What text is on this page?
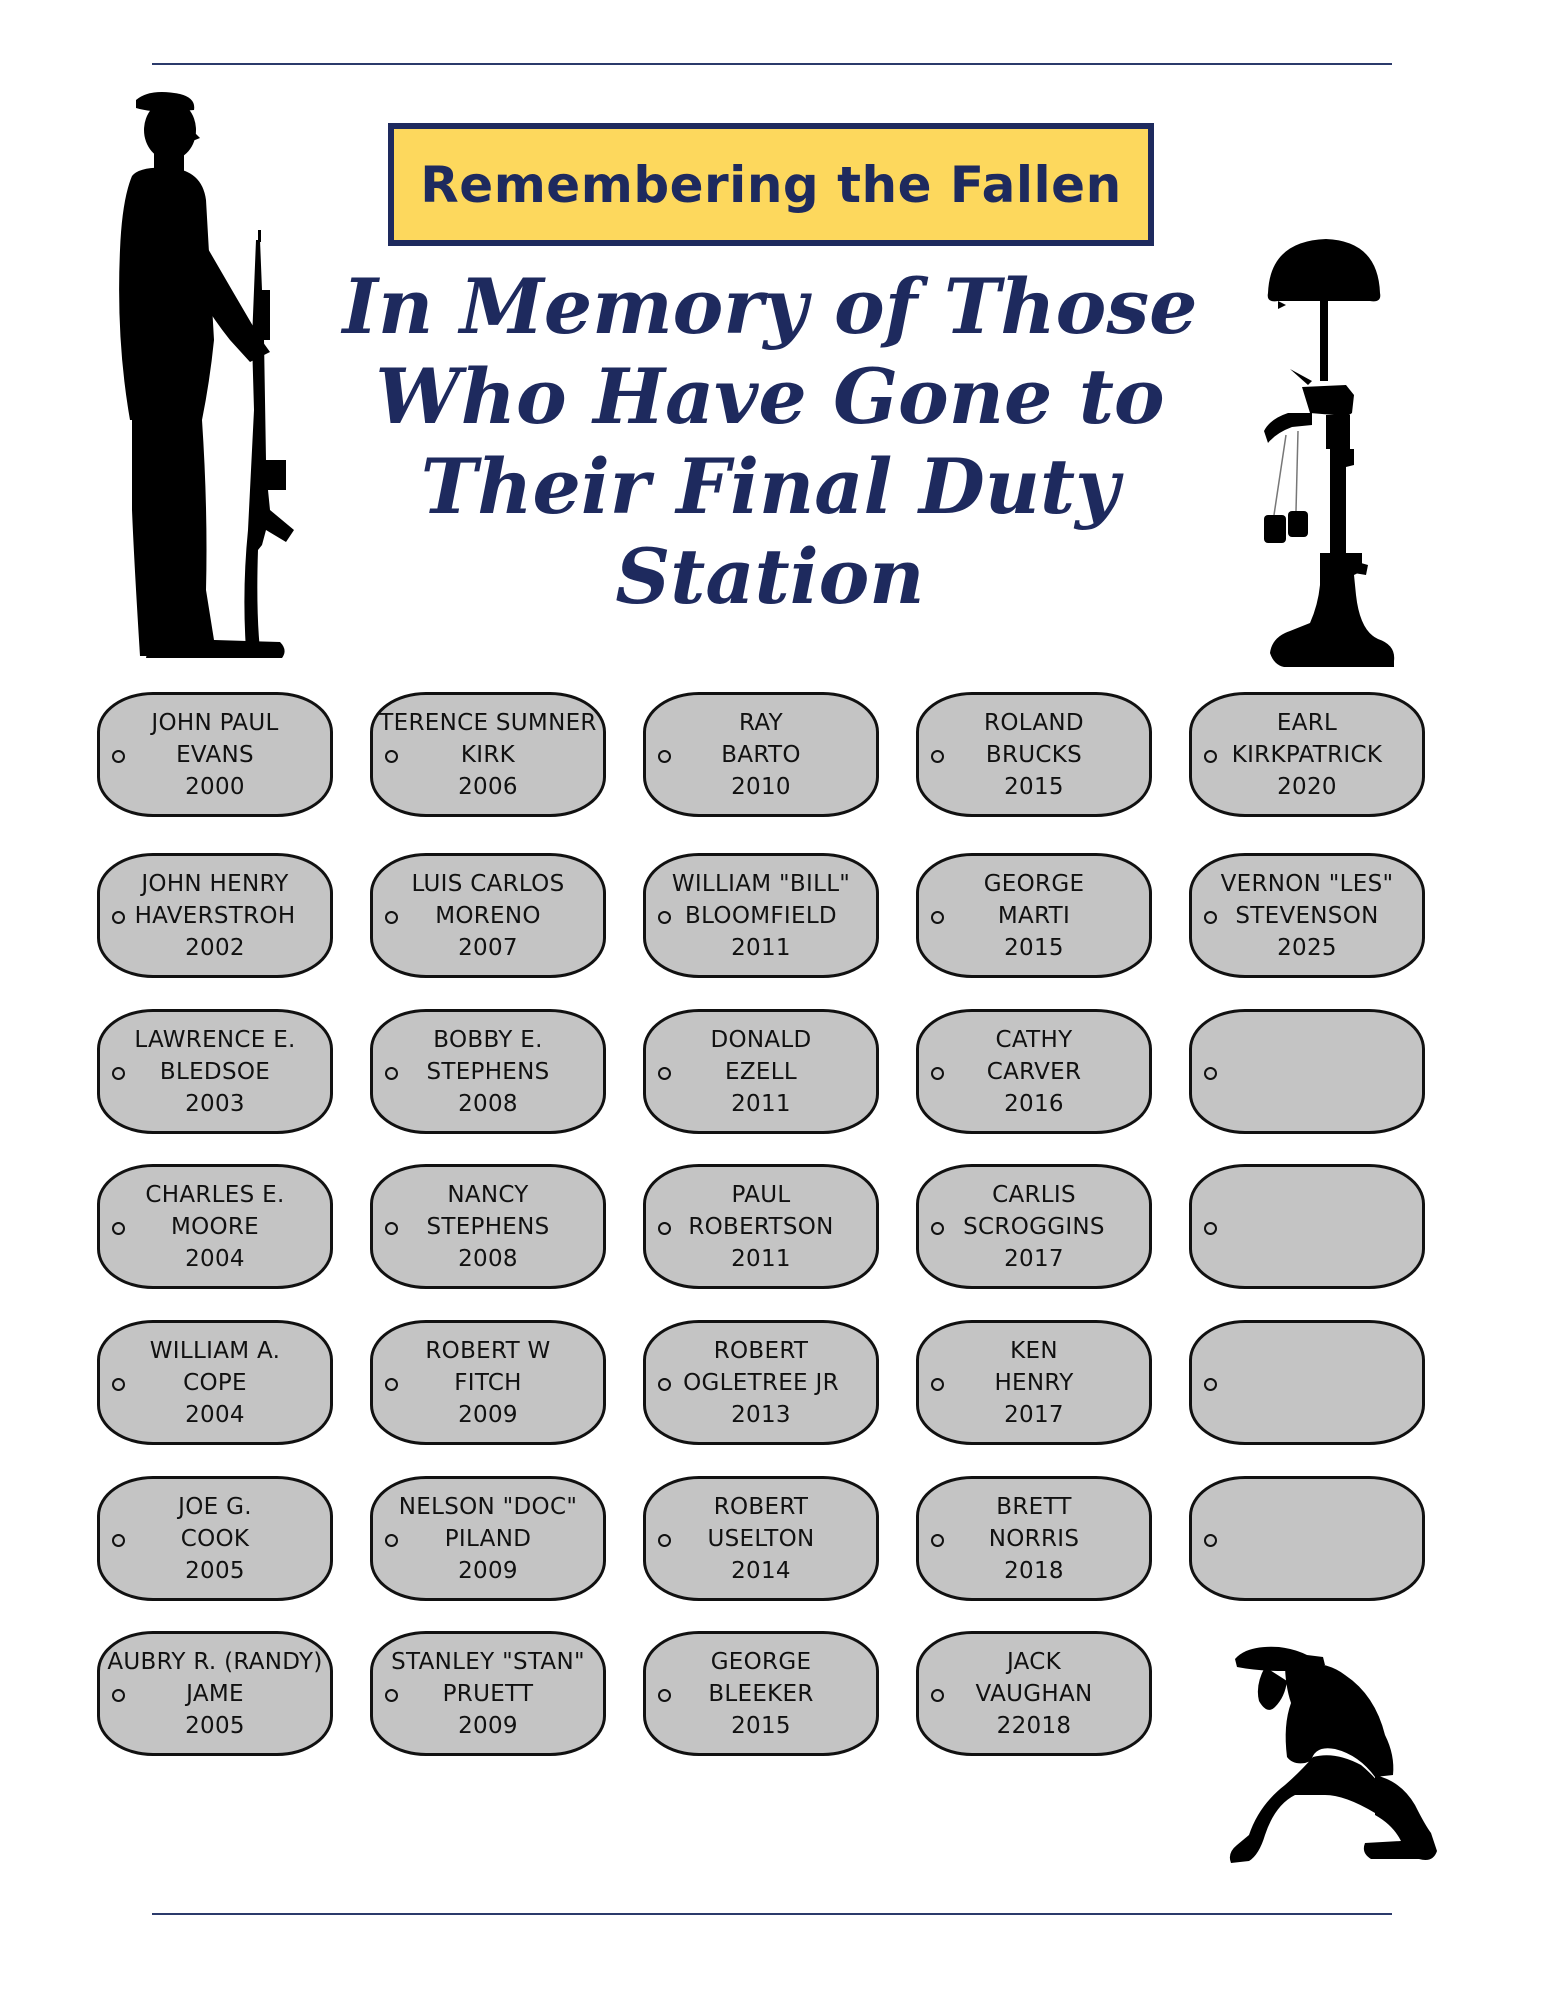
Remembering the Fallen
In Memory of Those
Who Have Gone to
Their Final Duty
Station
JOHN PAUL
EVANS
2000
JOHN HENRY
HAVERSTROH
2002
LAWRENCE E.
BLEDSOE
2003
CHARLES E.
MOORE
2004
WILLIAM A.
COPE
2004
JOE G.
COOK
2005
AUBRY R. (RANDY)
JAME
2005
TERENCE SUMNER
KIRK
2006
LUIS CARLOS
MORENO
2007
BOBBY E.
STEPHENS
2008
NANCY
STEPHENS
2008
ROBERT W
FITCH
2009
NELSON "DOC"
PILAND
2009
STANLEY "STAN"
PRUETT
2009
RAY
BARTO
2010
WILLIAM "BILL"
BLOOMFIELD
2011
DONALD
EZELL
2011
PAUL
ROBERTSON
2011
ROBERT
OGLETREE JR
2013
ROBERT
USELTON
2014
GEORGE
BLEEKER
2015
ROLAND
BRUCKS
2015
GEORGE
MARTI
2015
CATHY
CARVER
2016
CARLIS
SCROGGINS
2017
KEN
HENRY
2017
BRETT
NORRIS
2018
JACK
VAUGHAN
22018
EARL
KIRKPATRICK
2020
VERNON "LES"
STEVENSON
2025
